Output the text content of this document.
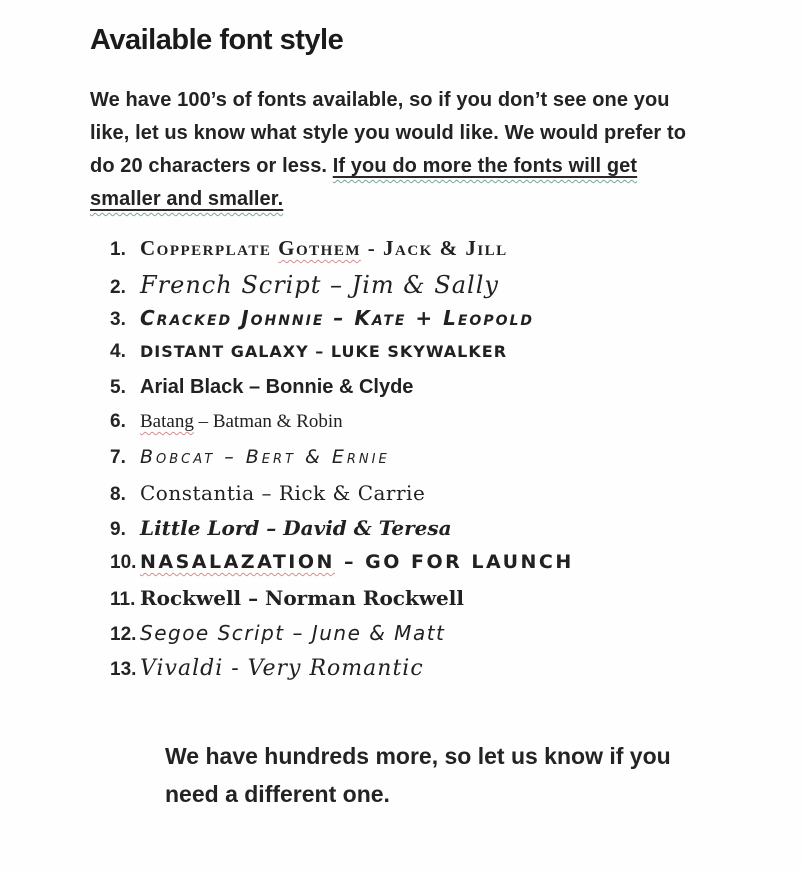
Available font style

We have 100’s of fonts available, so if you don’t see one you like, let us know what style you would like. We would prefer to do 20 characters or less. If you do more the fonts will get smaller and smaller.

1. Copperplate Gothem - Jack & Jill
2. French Script – Jim & Sally
3. Cracked Johnnie – Kate + Leopold
4. DISTANT GALAXY – LUKE SKYWALKER
5. Arial Black – Bonnie & Clyde
6. Batang – Batman & Robin
7. Bobcat – Bert & Ernie
8. Constantia – Rick & Carrie
9. Little Lord – David & Teresa
10. NASALAZATION – GO FOR LAUNCH
11. Rockwell – Norman Rockwell
12. Segoe Script – June & Matt
13. Vivaldi - Very Romantic

We have hundreds more, so let us know if you need a different one.
